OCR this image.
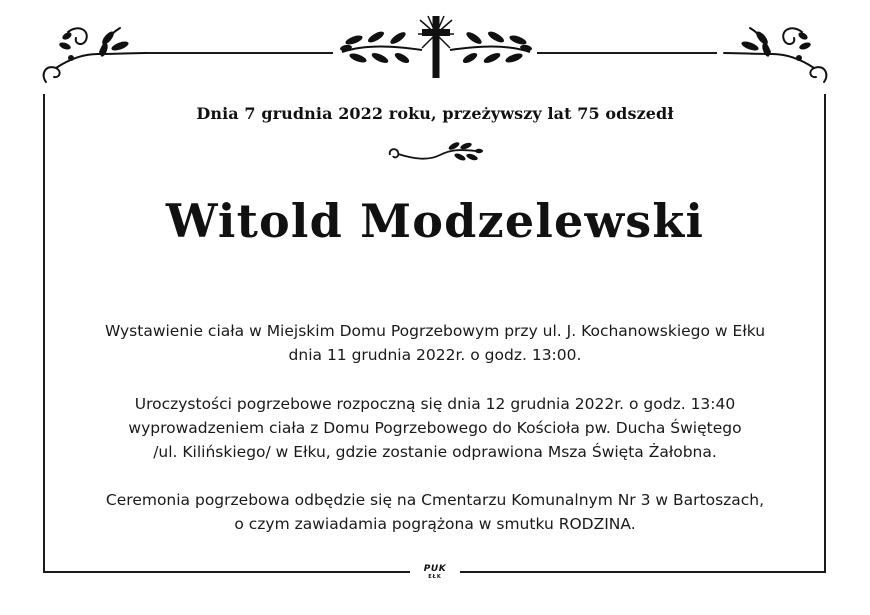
Dnia 7 grudnia 2022 roku, przeżywszy lat 75 odszedł

Witold Modzelewski

Wystawienie ciała w Miejskim Domu Pogrzebowym przy ul. J. Kochanowskiego w Ełku
dnia 11 grudnia 2022r. o godz. 13:00.

Uroczystości pogrzebowe rozpoczną się dnia 12 grudnia 2022r. o godz. 13:40
wyprowadzeniem ciała z Domu Pogrzebowego do Kościoła pw. Ducha Świętego
/ul. Kilińskiego/ w Ełku, gdzie zostanie odprawiona Msza Święta Żałobna.

Ceremonia pogrzebowa odbędzie się na Cmentarzu Komunalnym Nr 3 w Bartoszach,
o czym zawiadamia pogrążona w smutku RODZINA.

PUK
EŁK
